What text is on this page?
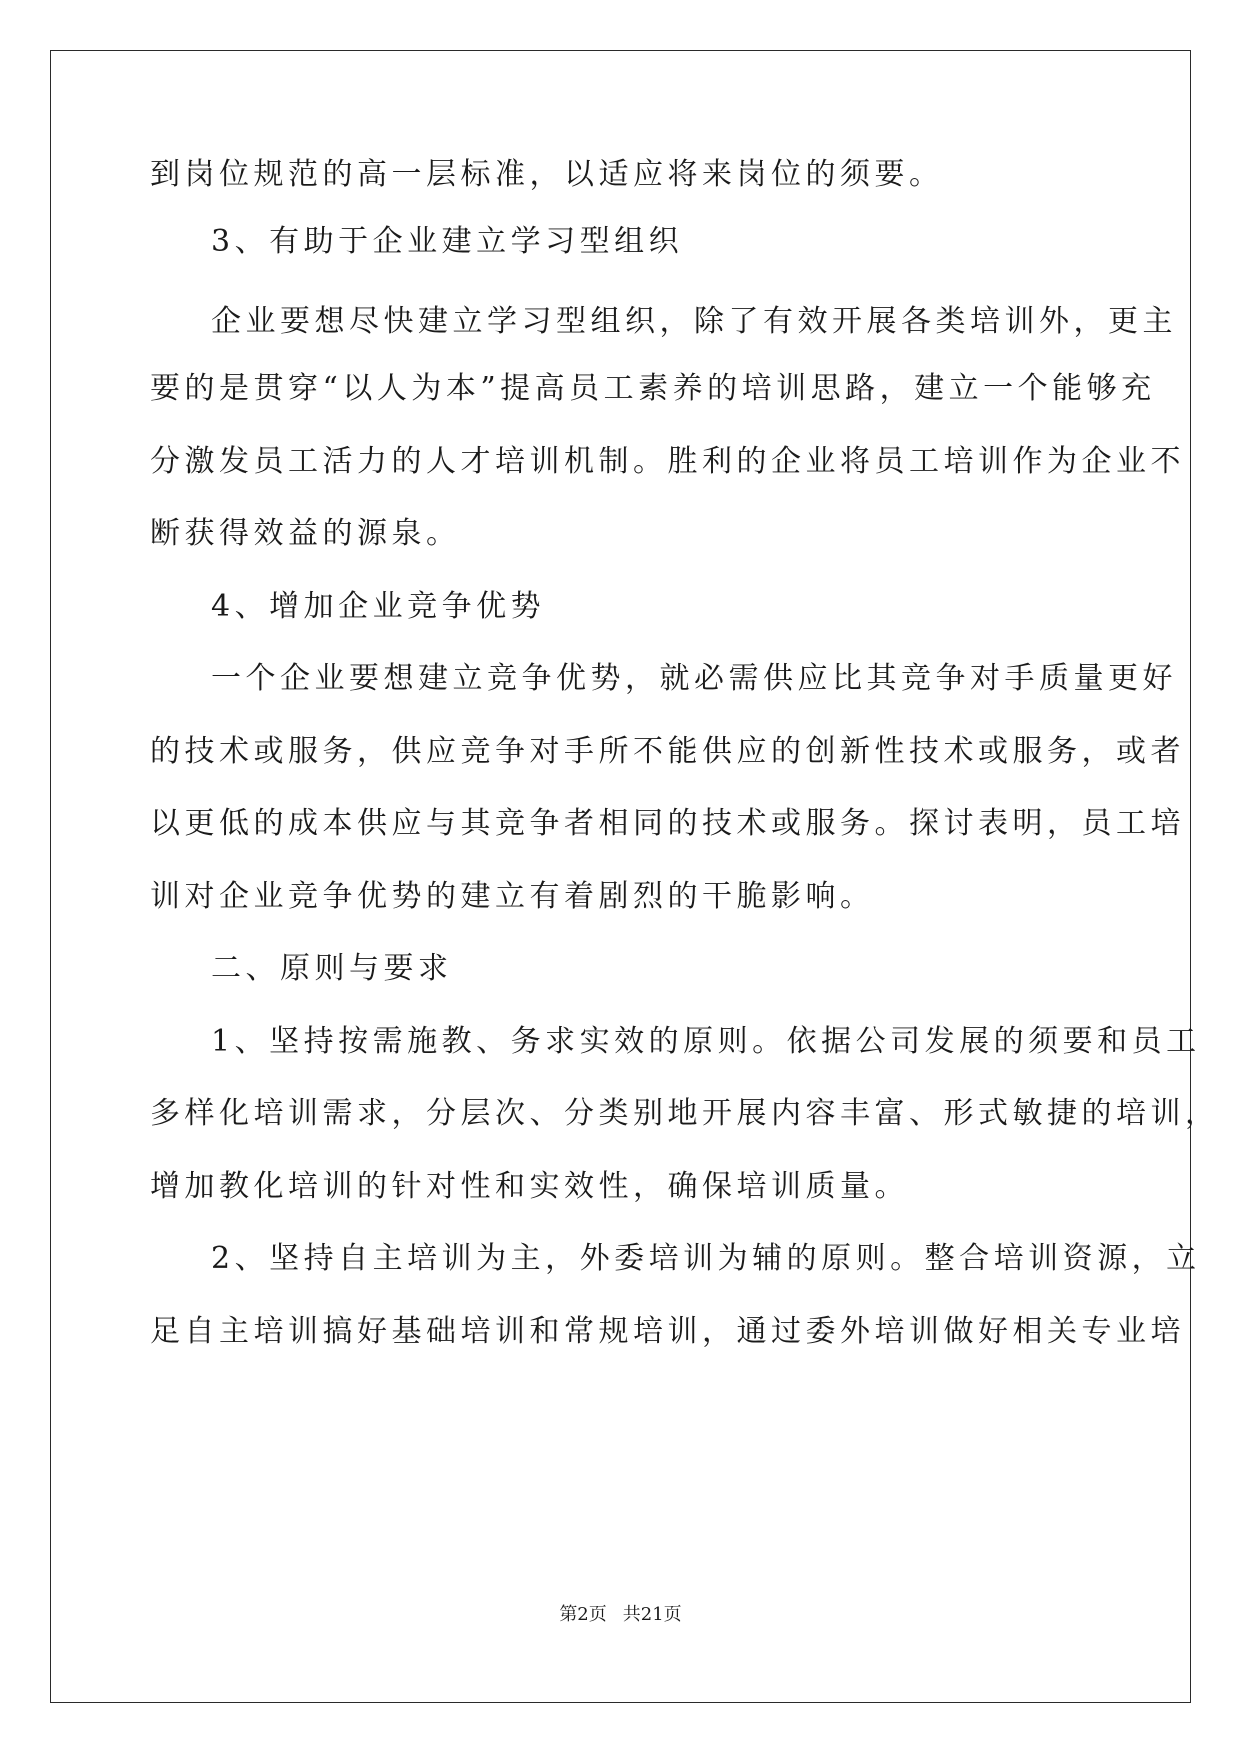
到岗位规范的高一层标准，以适应将来岗位的须要。
3、有助于企业建立学习型组织
企业要想尽快建立学习型组织，除了有效开展各类培训外，更主
要的是贯穿“以人为本”提高员工素养的培训思路，建立一个能够充
分激发员工活力的人才培训机制。胜利的企业将员工培训作为企业不
断获得效益的源泉。
4、增加企业竞争优势
一个企业要想建立竞争优势，就必需供应比其竞争对手质量更好
的技术或服务，供应竞争对手所不能供应的创新性技术或服务，或者
以更低的成本供应与其竞争者相同的技术或服务。探讨表明，员工培
训对企业竞争优势的建立有着剧烈的干脆影响。
二、原则与要求
1、坚持按需施教、务求实效的原则。依据公司发展的须要和员工
多样化培训需求，分层次、分类别地开展内容丰富、形式敏捷的培训，
增加教化培训的针对性和实效性，确保培训质量。
2、坚持自主培训为主，外委培训为辅的原则。整合培训资源，立
足自主培训搞好基础培训和常规培训，通过委外培训做好相关专业培
第2页 共21页
